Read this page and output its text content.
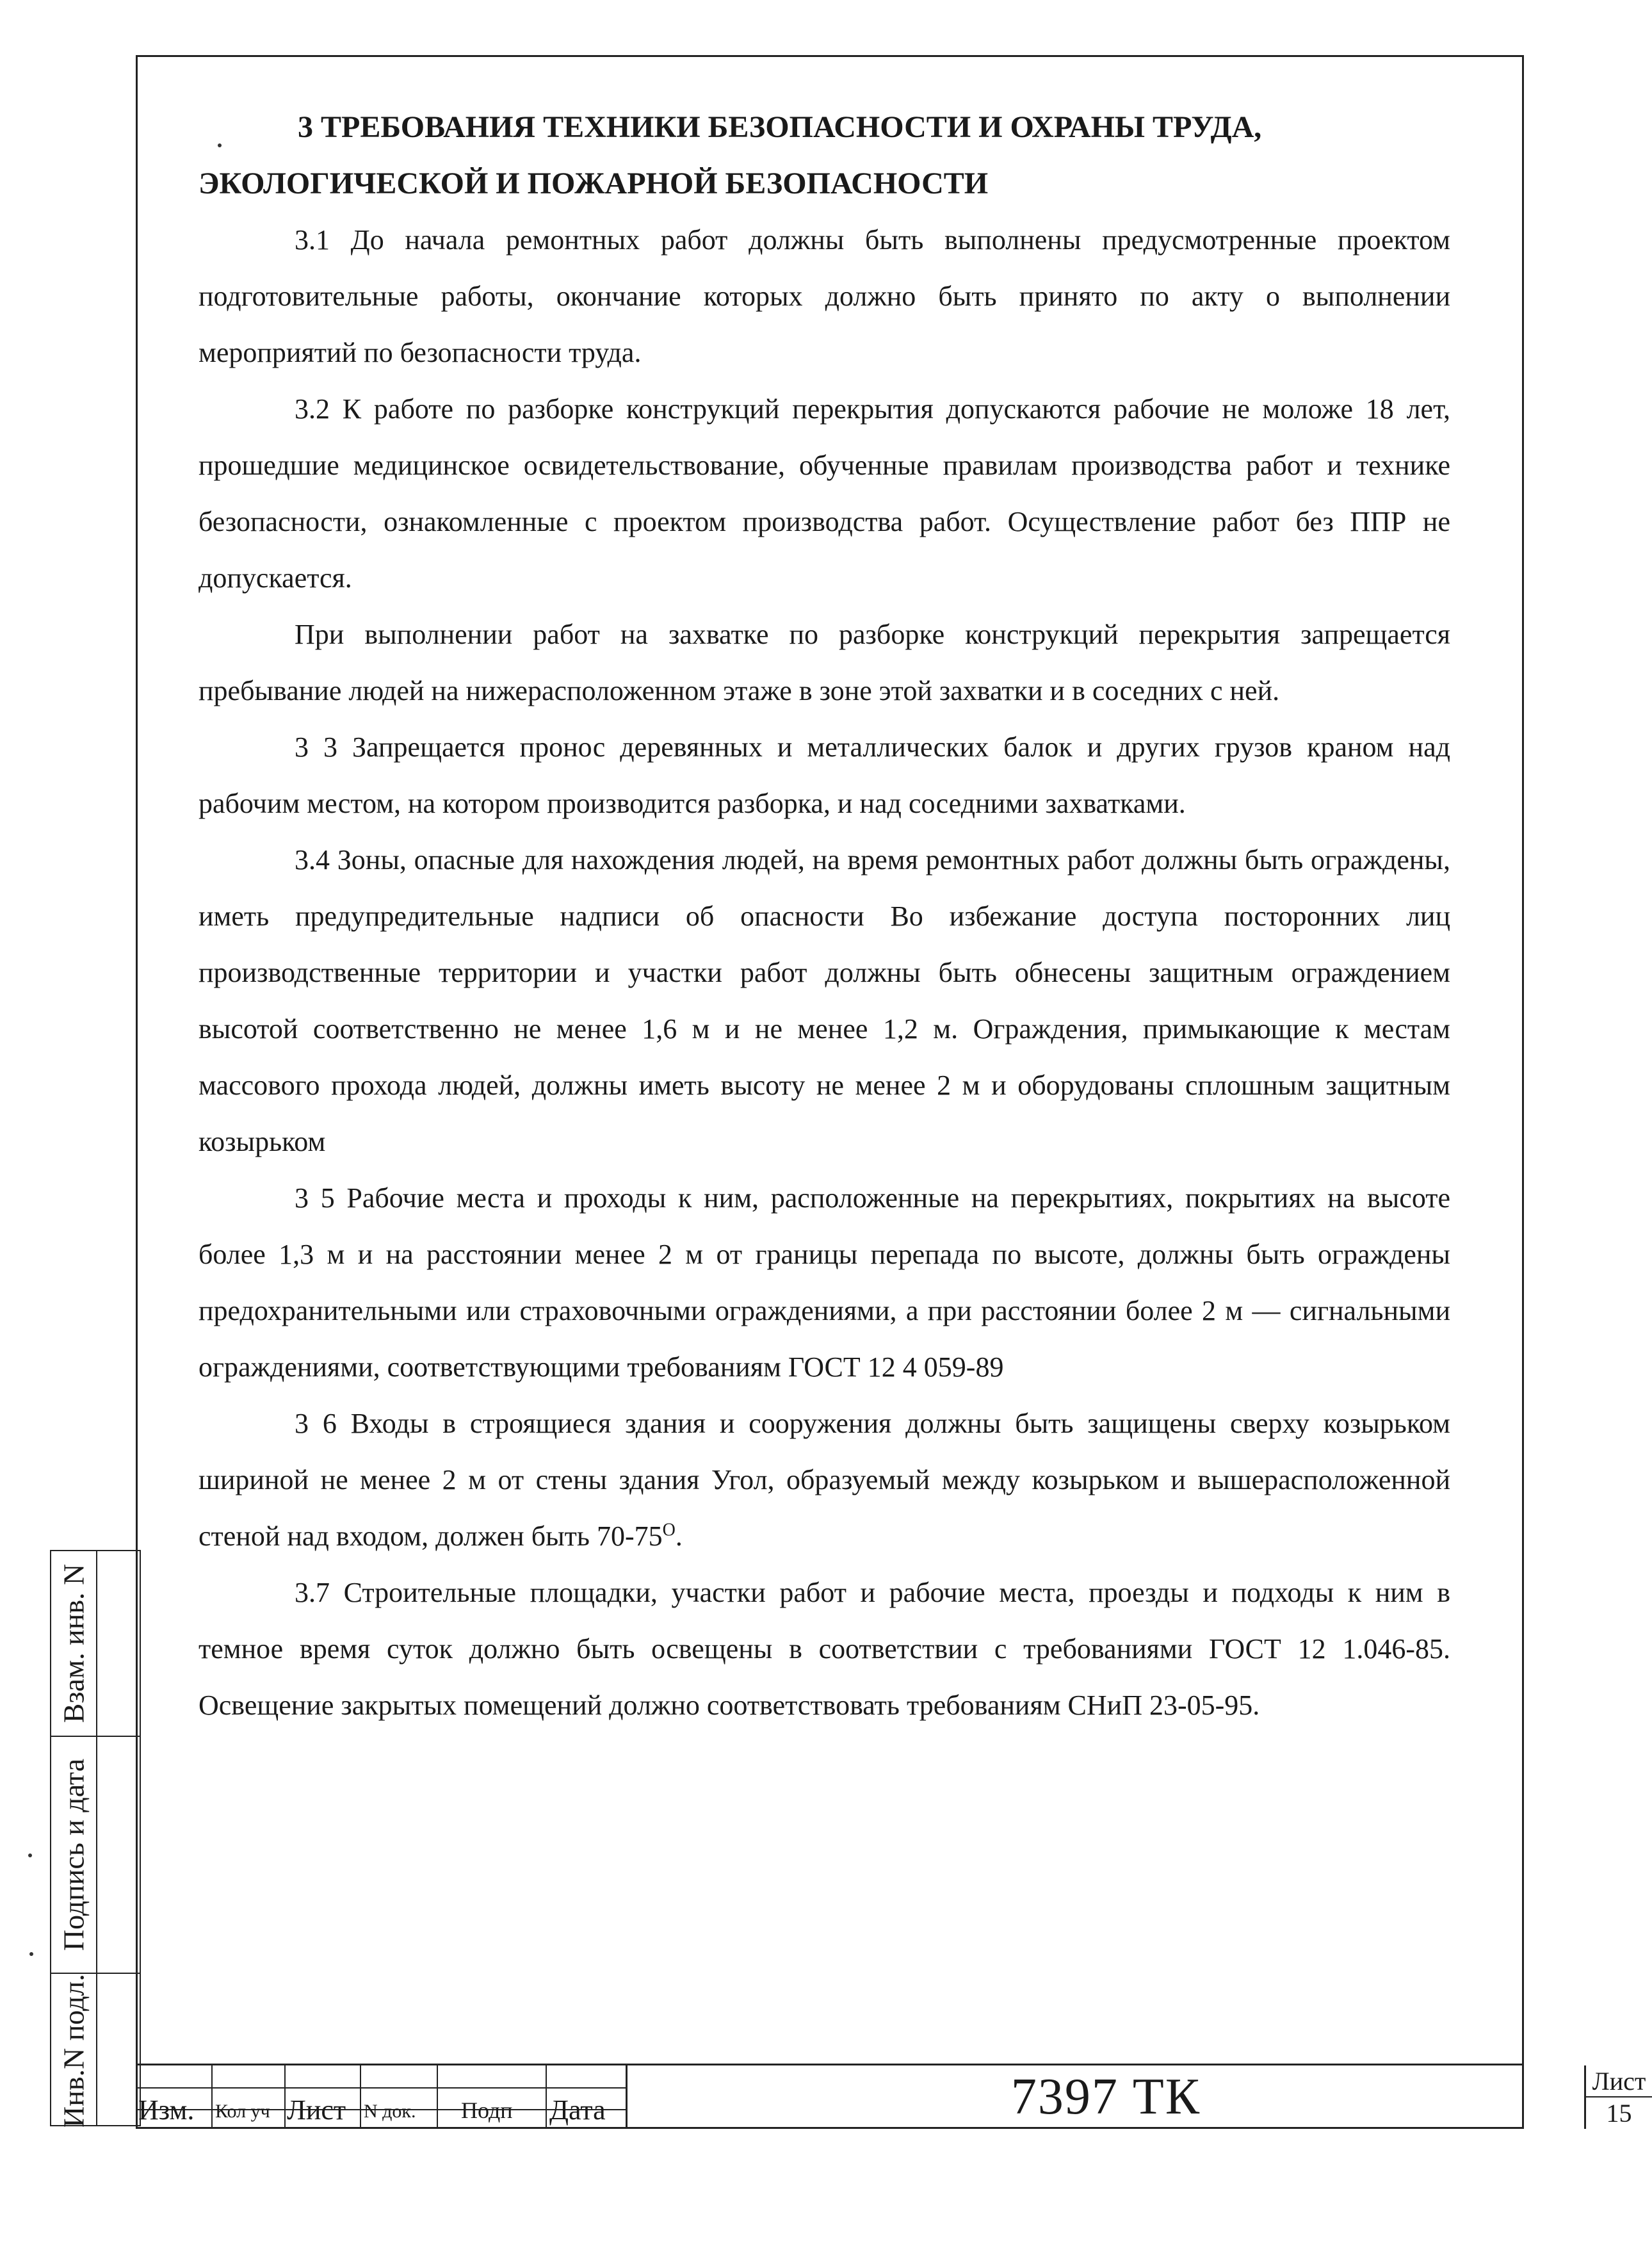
3 ТРЕБОВАНИЯ ТЕХНИКИ БЕЗОПАСНОСТИ И ОХРАНЫ ТРУДА,
ЭКОЛОГИЧЕСКОЙ И ПОЖАРНОЙ БЕЗОПАСНОСТИ

3.1 До начала ремонтных работ должны быть выполнены предусмотренные проектом подготовительные работы, окончание которых должно быть принято по акту о выполнении мероприятий по безопасности труда.

3.2 К работе по разборке конструкций перекрытия допускаются рабочие не моложе 18 лет, прошедшие медицинское освидетельствование, обученные правилам производства работ и технике безопасности, ознакомленные с проектом производства работ. Осуществление работ без ППР не допускается.

При выполнении работ на захватке по разборке конструкций перекрытия запрещается пребывание людей на нижерасположенном этаже в зоне этой захватки и в соседних с ней.

3 3 Запрещается пронос деревянных и металлических балок и других грузов краном над рабочим местом, на котором производится разборка, и над соседними захватками.

3.4 Зоны, опасные для нахождения людей, на время ремонтных работ должны быть ограждены, иметь предупредительные надписи об опасности Во избежание доступа посторонних лиц производственные территории и участки работ должны быть обнесены защитным ограждением высотой соответственно не менее 1,6 м и не менее 1,2 м. Ограждения, примыкающие к местам массового прохода людей, должны иметь высоту не менее 2 м и оборудованы сплошным защитным козырьком

3 5 Рабочие места и проходы к ним, расположенные на перекрытиях, покрытиях на высоте более 1,3 м и на расстоянии менее 2 м от границы перепада по высоте, должны быть ограждены предохранительными или страховочными ограждениями, а при расстоянии более 2 м — сигнальными ограждениями, соответствующими требованиям ГОСТ 12 4 059-89

3 6 Входы в строящиеся здания и сооружения должны быть защищены сверху козырьком шириной не менее 2 м от стены здания Угол, образуемый между козырьком и вышерасположенной стеной над входом, должен быть $70-75^О$.

3.7 Строительные площадки, участки работ и рабочие места, проезды и подходы к ним в темное время суток должно быть освещены в соответствии с требованиями ГОСТ 12 1.046-85. Освещение закрытых помещений должно соответствовать требованиям СНиП 23-05-95.

Взам. инв. N
Подпись и дата
Инв.N подл. Изм. Кол уч Лист N док. Подп Дата	7397 ТК	Лист
15
